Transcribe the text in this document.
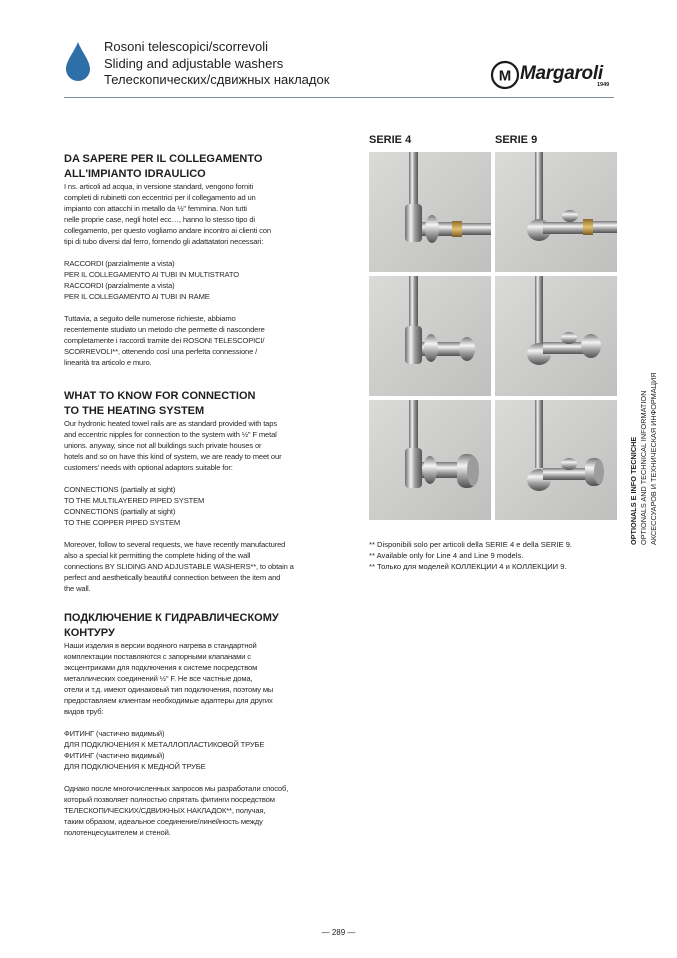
Rosoni telescopici/scorrevoli
Sliding and adjustable washers
Телескопических/сдвижных накладок	M Margaroli
1949
DA SAPERE PER IL COLLEGAMENTO
ALL'IMPIANTO IDRAULICO
I ns. articoli ad acqua, in versione standard, vengono forniti
completi di rubinetti con eccentrici per il collegamento ad un
impianto con attacchi in metallo da ½" femmina. Non tutti
nelle proprie case, negli hotel ecc…, hanno lo stesso tipo di
collegamento, per questo vogliamo andare incontro ai clienti con
tipi di tubo diversi dal ferro, fornendo gli adattatatori necessari:
RACCORDI (parzialmente a vista)
PER IL COLLEGAMENTO AI TUBI IN MULTISTRATO
RACCORDI (parzialmente a vista)
PER IL COLLEGAMENTO AI TUBI IN RAME
Tuttavia, a seguito delle numerose richieste, abbiamo
recentemente studiato un metodo che permette di nascondere
completamente i raccordi tramite dei ROSONI TELESCOPICI/
SCORREVOLI**, ottenendo così una perfetta connessione /
linearità tra articolo e muro.
WHAT TO KNOW FOR CONNECTION
TO THE HEATING SYSTEM
Our hydronic heated towel rails are as standard provided with taps
and eccentric nipples for connection to the system with ½" F metal
unions. anyway, since not all buildings such private houses or
hotels and so on have this kind of system, we are ready to meet our
customers' needs with optional adaptors suitable for:
CONNECTIONS (partially at sight)
TO THE MULTILAYERED PIPED SYSTEM
CONNECTIONS (partially at sight)
TO THE COPPER PIPED SYSTEM
Moreover, follow to several requests, we have recently manufactured
also a special kit permitting the complete hiding of the wall
connections BY SLIDING AND ADJUSTABLE WASHERS**, to obtain a
perfect and aesthetically beautiful connection between the item and
the wall.
ПОДКЛЮЧЕНИЕ К ГИДРАВЛИЧЕСКОМУ
КОНТУРУ
Наши изделия в версии водяного нагрева в стандартной
комплектации поставляются с запорными клапанами с
эксцентриками для подключения к системе посредством
металлических соединений ½" F. Не все частные дома,
отели и т.д. имеют одинаковый тип подключения, поэтому мы
предоставляем клиентам необходимые адаптеры для других
видов труб:
ФИТИНГ (частично видимый)
ДЛЯ ПОДКЛЮЧЕНИЯ К МЕТАЛЛОПЛАСТИКОВОЙ ТРУБЕ
ФИТИНГ (частично видимый)
ДЛЯ ПОДКЛЮЧЕНИЯ К МЕДНОЙ ТРУБЕ
Однако после многочисленных запросов мы разработали способ,
который позволяет полностью спрятать фитинги посредством
ТЕЛЕСКОПИЧЕСКИХ/СДВИЖНЫХ НАКЛАДОК**, получая,
таким образом, идеальное соединение/линейность между
полотенцесушителем и стеной.
SERIE 4	SERIE 9
** Disponibili solo per articoli della SERIE 4 e della SERIE 9.
** Available only for Line 4 and Line 9 models.
** Только для моделей КОЛЛЕКЦИИ 4 и КОЛЛЕКЦИИ 9.
OPTIONALS E INFO TECNICHE OPTIONALS AND TECHNICAL INFORMATION АКСЕССУАРОВ И ТЕХНИЧЕСКАЯ ИНФОРМАЦИЯ
— 289 —
